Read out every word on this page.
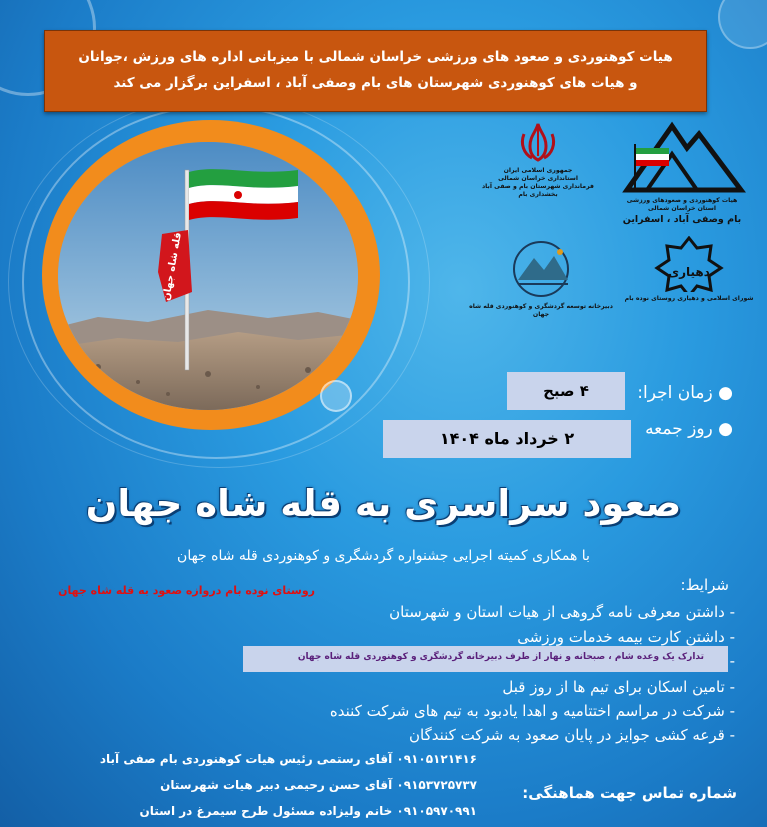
هیات کوهنوردی و صعود های ورزشی خراسان شمالی با میزبانی اداره های ورزش ،جوانان
و هیات های کوهنوردی شهرستان های بام وصفی آباد ، اسفراین برگزار می کند
قله شاه جهان
جمهوری اسلامی ایران
استانداری خراسان شمالی
فرمانداری شهرستان بام و صفی آباد
بخشداری بام
هیات کوهنوردی و صعودهای ورزشی
استان خراسان شمالی
بام وصفی آباد ، اسفراین
دبیرخانه توسعه گردشگری و کوهنوردی قله شاه جهان
دهیاری
شورای اسلامی و دهیاری روستای نوده بام
● زمان اجرا:
۴ صبح
● روز جمعه
۲ خرداد ماه ۱۴۰۴
صعود سراسری به قله شاه جهان
با همکاری کمیته اجرایی جشنواره گردشگری و کوهنوردی قله شاه جهان
روستای نوده بام دروازه صعود به قله شاه جهان	شرایط:
- داشتن معرفی نامه گروهی از هیات استان و شهرستان
- داشتن کارت بیمه خدمات ورزشی
تدارک یک وعده شام ، صبحانه و نهار از طرف دبیرخانه گردشگری و کوهنوردی قله شاه جهان -
- تامین اسکان برای تیم ها از روز قبل
- شرکت در مراسم اختتامیه و اهدا یادبود به تیم های شرکت کننده
- قرعه کشی جوایز در پایان صعود به شرکت کنندگان
۰۹۱۰۵۱۲۱۴۱۶ آقای رستمی رئیس هیات کوهنوردی بام صفی آباد
۰۹۱۵۳۷۲۵۷۳۷ آقای حسن رحیمی دبیر هیات شهرستان
۰۹۱۰۵۹۷۰۹۹۱ خانم ولیزاده مسئول طرح سیمرغ در استان
شماره تماس جهت هماهنگی:
